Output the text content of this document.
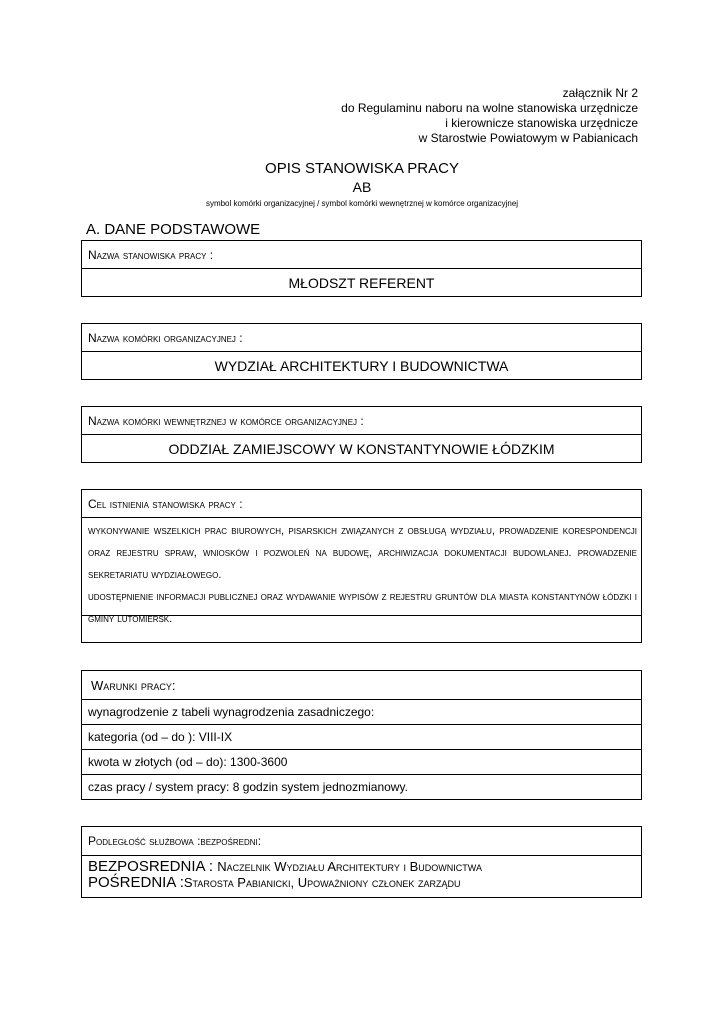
załącznik Nr 2
do Regulaminu naboru na wolne stanowiska urzędnicze
i kierownicze stanowiska urzędnicze
w Starostwie Powiatowym w Pabianicach
OPIS STANOWISKA PRACY
AB
symbol komórki organizacyjnej / symbol komórki wewnętrznej w komórce organizacyjnej
A. DANE PODSTAWOWE
Nazwa stanowiska pracy :
MŁODSZT REFERENT
Nazwa komórki organizacyjnej :
WYDZIAŁ ARCHITEKTURY I BUDOWNICTWA
Nazwa komórki wewnętrznej w komórce organizacyjnej :
ODDZIAŁ ZAMIEJSCOWY W KONSTANTYNOWIE ŁÓDZKIM
Cel istnienia stanowiska pracy :

wykonywanie wszelkich prac biurowych, pisarskich związanych z obsługą wydziału, prowadzenie korespondencji oraz rejestru spraw, wniosków i pozwoleń na budowę, archiwizacja dokumentacji budowlanej. prowadzenie sekretariatu wydziałowego.

udostępnienie informacji publicznej oraz wydawanie wypisów z rejestru gruntów dla miasta konstantynów łódzki i gminy lutomiersk.

Warunki pracy:
wynagrodzenie z tabeli wynagrodzenia zasadniczego:
kategoria (od – do ): VIII-IX
kwota w złotych (od – do): 1300-3600
czas pracy / system pracy: 8 godzin system jednozmianowy.
Podległość służbowa :bezpośredni:
BEZPOSREDNIA : Naczelnik Wydziału Architektury i Budownictwa
POŚREDNIA :Starosta Pabianicki, Upoważniony członek zarządu
